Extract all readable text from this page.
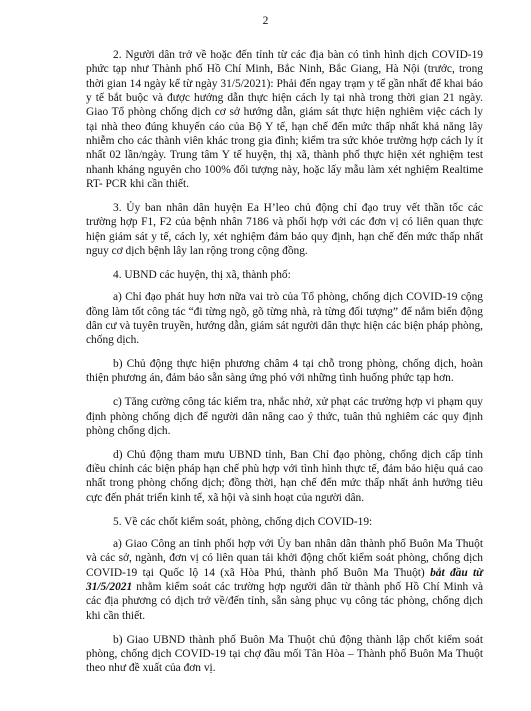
2

2. Người dân trở về hoặc đến tỉnh từ các địa bàn có tình hình dịch COVID-19 phức tạp như Thành phố Hồ Chí Minh, Bắc Ninh, Bắc Giang, Hà Nội (trước, trong thời gian 14 ngày kể từ ngày 31/5/2021): Phải đến ngay trạm y tế gần nhất để khai báo y tế bắt buộc và được hướng dẫn thực hiện cách ly tại nhà trong thời gian 21 ngày. Giao Tổ phòng chống dịch cơ sở hướng dẫn, giám sát thực hiện nghiêm việc cách ly tại nhà theo đúng khuyến cáo của Bộ Y tế, hạn chế đến mức thấp nhất khả năng lây nhiễm cho các thành viên khác trong gia đình; kiểm tra sức khỏe trường hợp cách ly ít nhất 02 lần/ngày. Trung tâm Y tế huyện, thị xã, thành phố thực hiện xét nghiệm test nhanh kháng nguyên cho 100% đối tượng này, hoặc lấy mẫu làm xét nghiệm Realtime RT- PCR khi cần thiết.

3. Ủy ban nhân dân huyện Ea H’leo chủ động chỉ đạo truy vết thần tốc các trường hợp F1, F2 của bệnh nhân 7186 và phối hợp với các đơn vị có liên quan thực hiện giám sát y tế, cách ly, xét nghiệm đảm bảo quy định, hạn chế đến mức thấp nhất nguy cơ dịch bệnh lây lan rộng trong cộng đồng.

4. UBND các huyện, thị xã, thành phố:

a) Chỉ đạo phát huy hơn nữa vai trò của Tổ phòng, chống dịch COVID-19 cộng đồng làm tốt công tác “đi từng ngõ, gõ từng nhà, rà từng đối tượng” để nắm biến động dân cư và tuyên truyền, hướng dẫn, giám sát người dân thực hiện các biện pháp phòng, chống dịch.

b) Chủ động thực hiện phương châm 4 tại chỗ trong phòng, chống dịch, hoàn thiện phương án, đảm bảo sẵn sàng ứng phó với những tình huống phức tạp hơn.

c) Tăng cường công tác kiểm tra, nhắc nhở, xử phạt các trường hợp vi phạm quy định phòng chống dịch để người dân nâng cao ý thức, tuân thủ nghiêm các quy định phòng chống dịch.

d) Chủ động tham mưu UBND tỉnh, Ban Chỉ đạo phòng, chống dịch cấp tỉnh điều chỉnh các biện pháp hạn chế phù hợp với tình hình thực tế, đảm bảo hiệu quả cao nhất trong phòng chống dịch; đồng thời, hạn chế đến mức thấp nhất ảnh hưởng tiêu cực đến phát triển kinh tế, xã hội và sinh hoạt của người dân.

5. Về các chốt kiểm soát, phòng, chống dịch COVID-19:

a) Giao Công an tỉnh phối hợp với Ủy ban nhân dân thành phố Buôn Ma Thuột và các sở, ngành, đơn vị có liên quan tái khởi động chốt kiểm soát phòng, chống dịch COVID-19 tại Quốc lộ 14 (xã Hòa Phú, thành phố Buôn Ma Thuột) bắt đầu từ 31/5/2021 nhằm kiểm soát các trường hợp người dân từ thành phố Hồ Chí Minh và các địa phương có dịch trở về/đến tỉnh, sẵn sàng phục vụ công tác phòng, chống dịch khi cần thiết.

b) Giao UBND thành phố Buôn Ma Thuột chủ động thành lập chốt kiểm soát phòng, chống dịch COVID-19 tại chợ đầu mối Tân Hòa – Thành phố Buôn Ma Thuột theo như đề xuất của đơn vị.
